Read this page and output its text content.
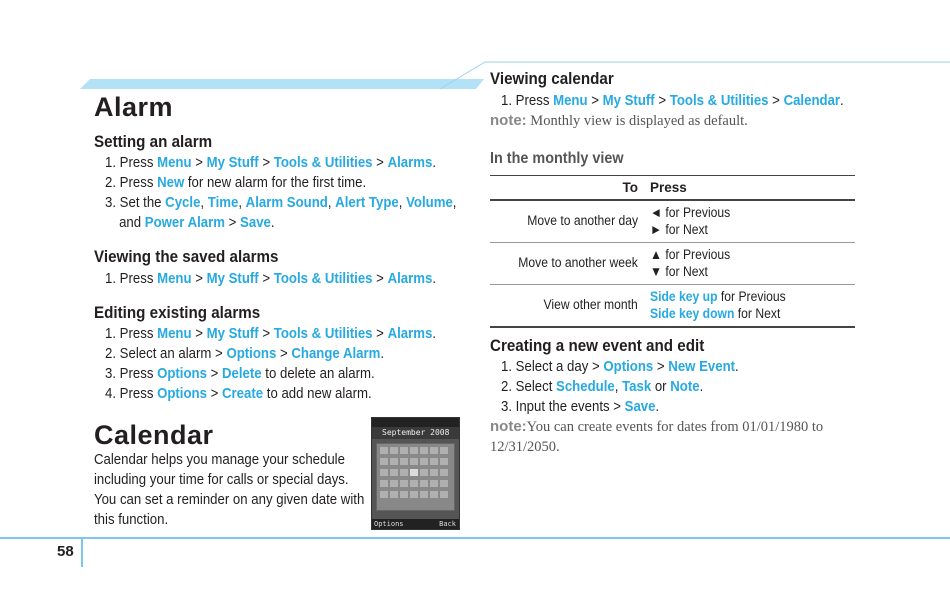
58
Alarm
Setting an alarm
1. Press Menu > My Stuff > Tools & Utilities > Alarms.
2. Press New for new alarm for the first time.
3. Set the Cycle, Time, Alarm Sound, Alert Type, Volume,
and Power Alarm > Save.
Viewing the saved alarms
1. Press Menu > My Stuff > Tools & Utilities > Alarms.
Editing existing alarms
1. Press Menu > My Stuff > Tools & Utilities > Alarms.
2. Select an alarm > Options > Change Alarm.
3. Press Options > Delete to delete an alarm.
4. Press Options > Create to add new alarm.
Calendar
Calendar helps you manage your schedule
including your time for calls or special days.
You can set a reminder on any given date with
this function.
September 2008
Options	Back
Viewing calendar
1. Press Menu > My Stuff > Tools & Utilities > Calendar.
note: Monthly view is displayed as default.
In the monthly view
To Press
Move to another day
◄ for Previous
► for Next
Move to another week
▲ for Previous
▼ for Next
View other month
Side key up for Previous
Side key down for Next
Creating a new event and edit
1. Select a day > Options > New Event.
2. Select Schedule, Task or Note.
3. Input the events > Save.
note:You can create events for dates from 01/01/1980 to 12/31/2050.
